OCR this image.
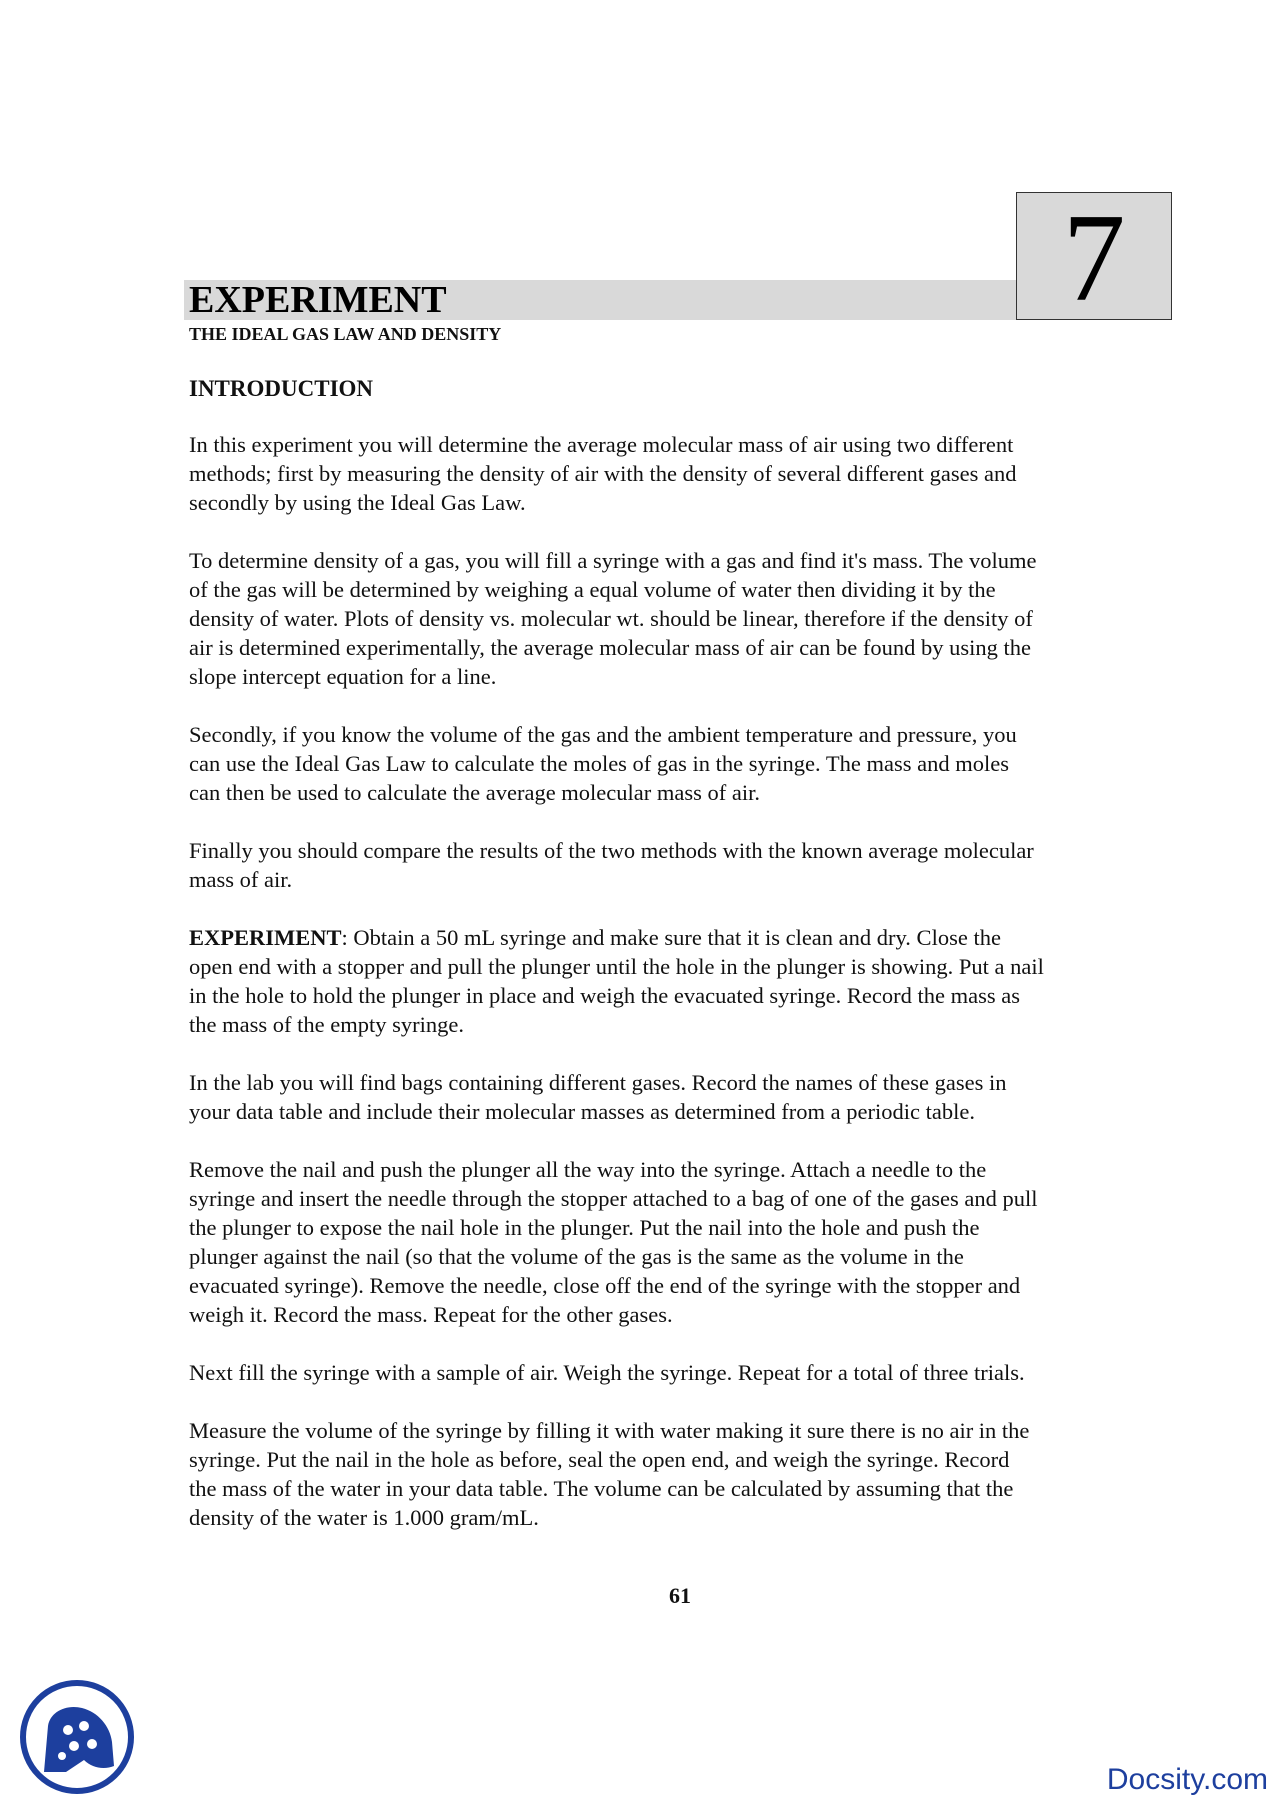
EXPERIMENT	7
THE IDEAL GAS LAW AND DENSITY
INTRODUCTION

In this experiment you will determine the average molecular mass of air using two different
methods; first by measuring the density of air with the density of several different gases and
secondly by using the Ideal Gas Law.

To determine density of a gas, you will fill a syringe with a gas and find it's mass. The volume
of the gas will be determined by weighing a equal volume of water then dividing it by the
density of water. Plots of density vs. molecular wt. should be linear, therefore if the density of
air is determined experimentally, the average molecular mass of air can be found by using the
slope intercept equation for a line.

Secondly, if you know the volume of the gas and the ambient temperature and pressure, you
can use the Ideal Gas Law to calculate the moles of gas in the syringe. The mass and moles
can then be used to calculate the average molecular mass of air.

Finally you should compare the results of the two methods with the known average molecular
mass of air.

EXPERIMENT: Obtain a 50 mL syringe and make sure that it is clean and dry. Close the
open end with a stopper and pull the plunger until the hole in the plunger is showing. Put a nail
in the hole to hold the plunger in place and weigh the evacuated syringe. Record the mass as
the mass of the empty syringe.

In the lab you will find bags containing different gases. Record the names of these gases in
your data table and include their molecular masses as determined from a periodic table.

Remove the nail and push the plunger all the way into the syringe. Attach a needle to the
syringe and insert the needle through the stopper attached to a bag of one of the gases and pull
the plunger to expose the nail hole in the plunger. Put the nail into the hole and push the
plunger against the nail (so that the volume of the gas is the same as the volume in the
evacuated syringe). Remove the needle, close off the end of the syringe with the stopper and
weigh it. Record the mass. Repeat for the other gases.

Next fill the syringe with a sample of air. Weigh the syringe. Repeat for a total of three trials.

Measure the volume of the syringe by filling it with water making it sure there is no air in the
syringe. Put the nail in the hole as before, seal the open end, and weigh the syringe. Record
the mass of the water in your data table. The volume can be calculated by assuming that the
density of the water is 1.000 gram/mL.

61
Docsity.com
